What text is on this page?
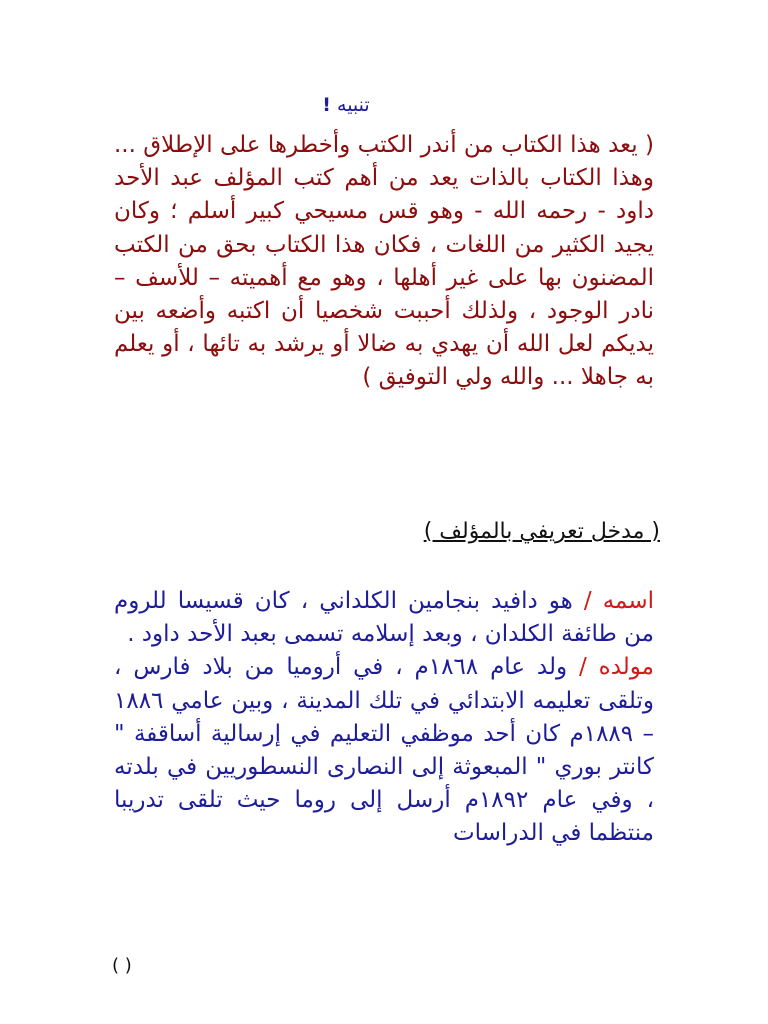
تنبيه !
( يعد هذا الكتاب من أندر الكتب وأخطرها على الإطلاق ... وهذا الكتاب بالذات يعد من أهم كتب المؤلف عبد الأحد داود - رحمه الله - وهو قس مسيحي كبير أسلم ؛ وكان يجيد الكثير من اللغات ، فكان هذا الكتاب بحق من الكتب المضنون بها على غير أهلها ، وهو مع أهميته – للأسف – نادر الوجود ، ولذلك أحببت شخصيا أن اكتبه وأضعه بين يديكم لعل الله أن يهدي به ضالا أو يرشد به تائها ، أو يعلم به جاهلا ... والله ولي التوفيق )
( مدخل تعريفي بالمؤلف )

اسمه / هو دافيد بنجامين الكلداني ، كان قسيسا للروم من طائفة الكلدان ، وبعد إسلامه تسمى بعبد الأحد داود .

مولده / ولد عام ١٨٦٨م ، في أروميا من بلاد فارس ، وتلقى تعليمه الابتدائي في تلك المدينة ، وبين عامي ١٨٨٦ – ١٨٨٩م كان أحد موظفي التعليم في إرسالية أساقفة " كانتر بوري " المبعوثة إلى النصارى النسطوريين في بلدته ، وفي عام ١٨٩٢م أرسل إلى روما حيث تلقى تدريبا منتظما في الدراسات

( )
